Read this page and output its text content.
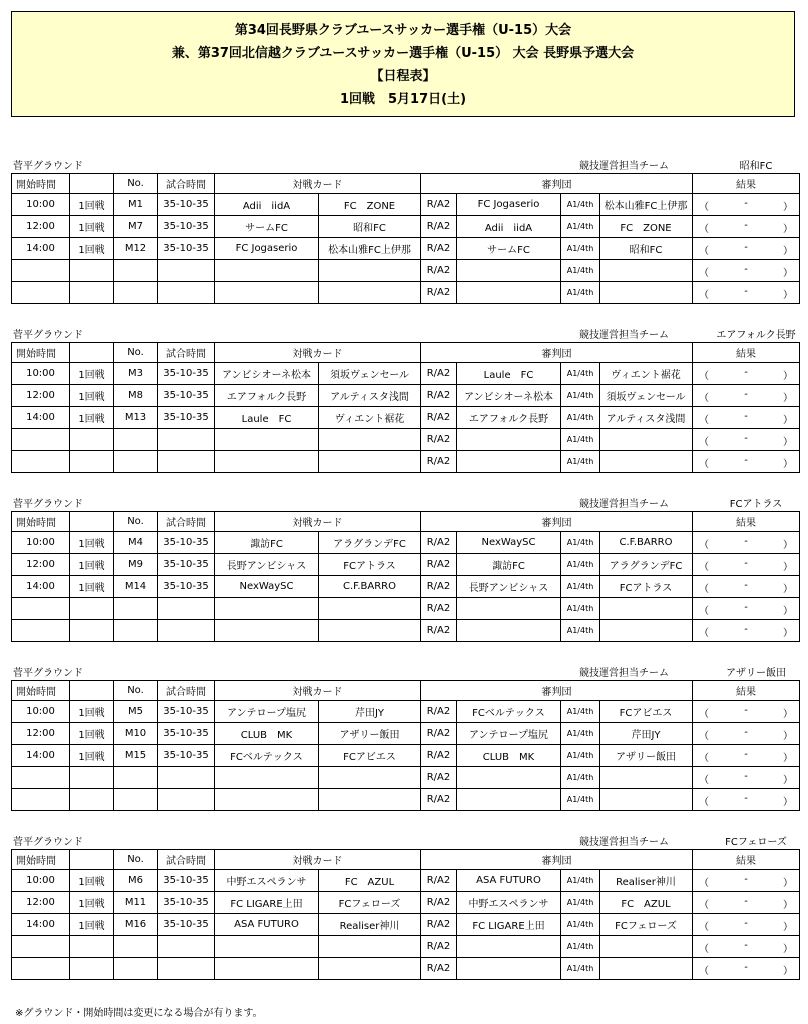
第34回長野県クラブユースサッカー選手権（U-15）大会
兼、第37回北信越クラブユースサッカー選手権（U-15） 大会 長野県予選大会
【日程表】
1回戦　5月17日(土)
菅平グラウンド	競技運営担当チーム	昭和FC
開始時間		No.	試合時間	対戦カード		審判団				結果
10:00	1回戦	M1	35-10-35	Adii　iidA	FC　ZONE	R/A2	FC Jogaserio	A1/4th	松本山雅FC上伊那	（ - ）

12:00	1回戦	M7	35-10-35	サームFC	昭和FC	R/A2	Adii　iidA	A1/4th	FC　ZONE	（ - ）

14:00	1回戦	M12	35-10-35	FC Jogaserio	松本山雅FC上伊那	R/A2	サームFC	A1/4th	昭和FC	（ - ）

						R/A2		A1/4th		（ - ）

						R/A2		A1/4th		（ - ）
菅平グラウンド	競技運営担当チーム	エアフォルク長野
開始時間		No.	試合時間	対戦カード		審判団				結果
10:00	1回戦	M3	35-10-35	アンビシオーネ松本	須坂ヴェンセール	R/A2	Laule　FC	A1/4th	ヴィエント裾花	（ - ）

12:00	1回戦	M8	35-10-35	エアフォルク長野	アルティスタ浅間	R/A2	アンビシオーネ松本	A1/4th	須坂ヴェンセール	（ - ）

14:00	1回戦	M13	35-10-35	Laule　FC	ヴィエント裾花	R/A2	エアフォルク長野	A1/4th	アルティスタ浅間	（ - ）

						R/A2		A1/4th		（ - ）

						R/A2		A1/4th		（ - ）
菅平グラウンド	競技運営担当チーム	FCアトラス
開始時間		No.	試合時間	対戦カード		審判団				結果
10:00	1回戦	M4	35-10-35	諏訪FC	アラグランデFC	R/A2	NexWaySC	A1/4th	C.F.BARRO	（ - ）

12:00	1回戦	M9	35-10-35	長野アンビシャス	FCアトラス	R/A2	諏訪FC	A1/4th	アラグランデFC	（ - ）

14:00	1回戦	M14	35-10-35	NexWaySC	C.F.BARRO	R/A2	長野アンビシャス	A1/4th	FCアトラス	（ - ）

						R/A2		A1/4th		（ - ）

						R/A2		A1/4th		（ - ）
菅平グラウンド	競技運営担当チーム	アザリー飯田
開始時間		No.	試合時間	対戦カード		審判団				結果
10:00	1回戦	M5	35-10-35	アンテロープ塩尻	芹田JY	R/A2	FCベルテックス	A1/4th	FCアビエス	（ - ）

12:00	1回戦	M10	35-10-35	CLUB　MK	アザリー飯田	R/A2	アンテロープ塩尻	A1/4th	芹田JY	（ - ）

14:00	1回戦	M15	35-10-35	FCベルテックス	FCアビエス	R/A2	CLUB　MK	A1/4th	アザリー飯田	（ - ）

						R/A2		A1/4th		（ - ）

						R/A2		A1/4th		（ - ）
菅平グラウンド	競技運営担当チーム	FCフェローズ
開始時間		No.	試合時間	対戦カード		審判団				結果
10:00	1回戦	M6	35-10-35	中野エスペランサ	FC　AZUL	R/A2	ASA FUTURO	A1/4th	Realiser神川	（ - ）

12:00	1回戦	M11	35-10-35	FC LIGARE上田	FCフェローズ	R/A2	中野エスペランサ	A1/4th	FC　AZUL	（ - ）

14:00	1回戦	M16	35-10-35	ASA FUTURO	Realiser神川	R/A2	FC LIGARE上田	A1/4th	FCフェローズ	（ - ）

						R/A2		A1/4th		（ - ）

						R/A2		A1/4th		（ - ）
※グラウンド・開始時間は変更になる場合が有ります。
